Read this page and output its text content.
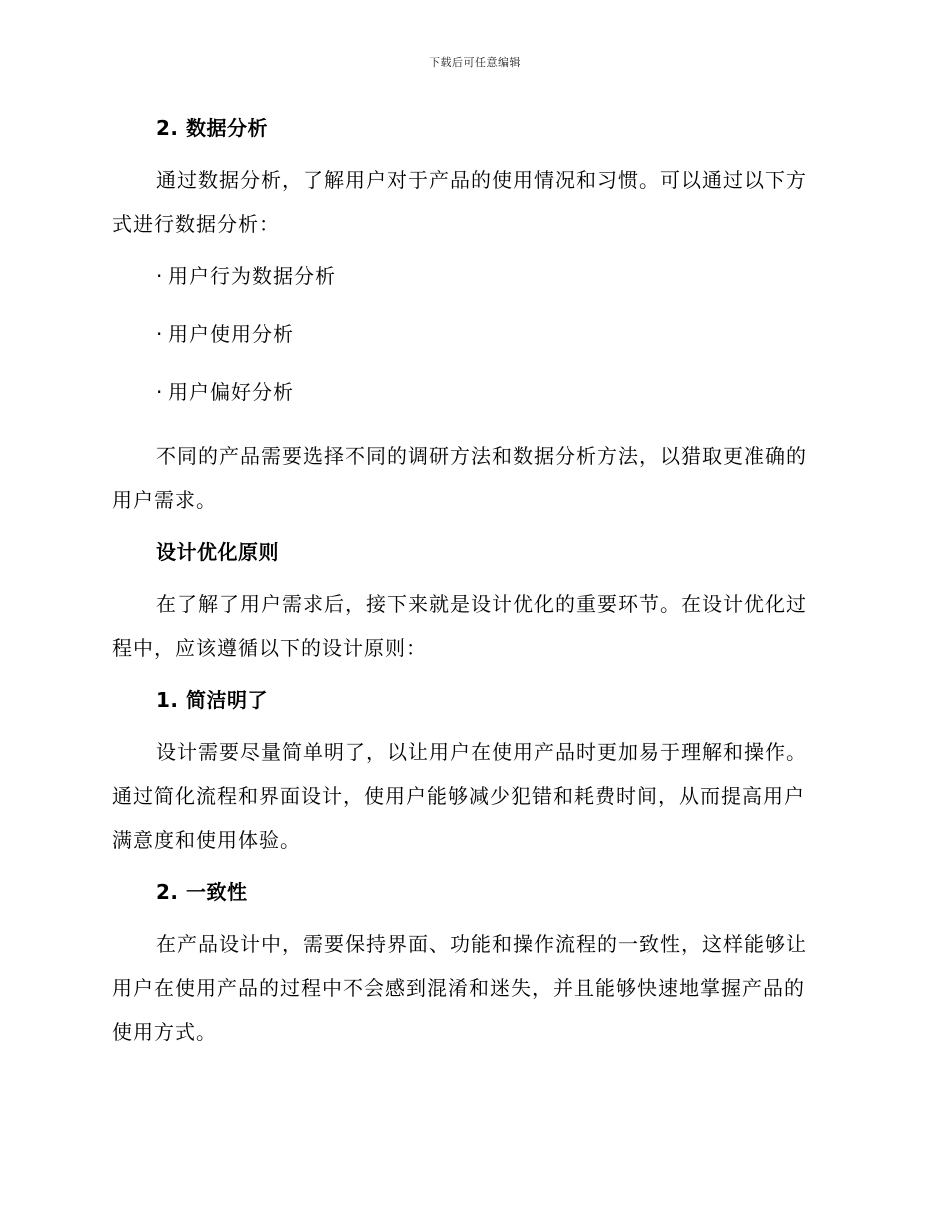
下载后可任意编辑
2. 数据分析
通过数据分析，了解用户对于产品的使用情况和习惯。可以通过以下方
式进行数据分析：
· 用户行为数据分析
· 用户使用分析
· 用户偏好分析
不同的产品需要选择不同的调研方法和数据分析方法，以猎取更准确的
用户需求。
设计优化原则
在了解了用户需求后，接下来就是设计优化的重要环节。在设计优化过
程中，应该遵循以下的设计原则：
1. 简洁明了
设计需要尽量简单明了，以让用户在使用产品时更加易于理解和操作。
通过简化流程和界面设计，使用户能够减少犯错和耗费时间，从而提高用户
满意度和使用体验。
2. 一致性
在产品设计中，需要保持界面、功能和操作流程的一致性，这样能够让
用户在使用产品的过程中不会感到混淆和迷失，并且能够快速地掌握产品的
使用方式。
